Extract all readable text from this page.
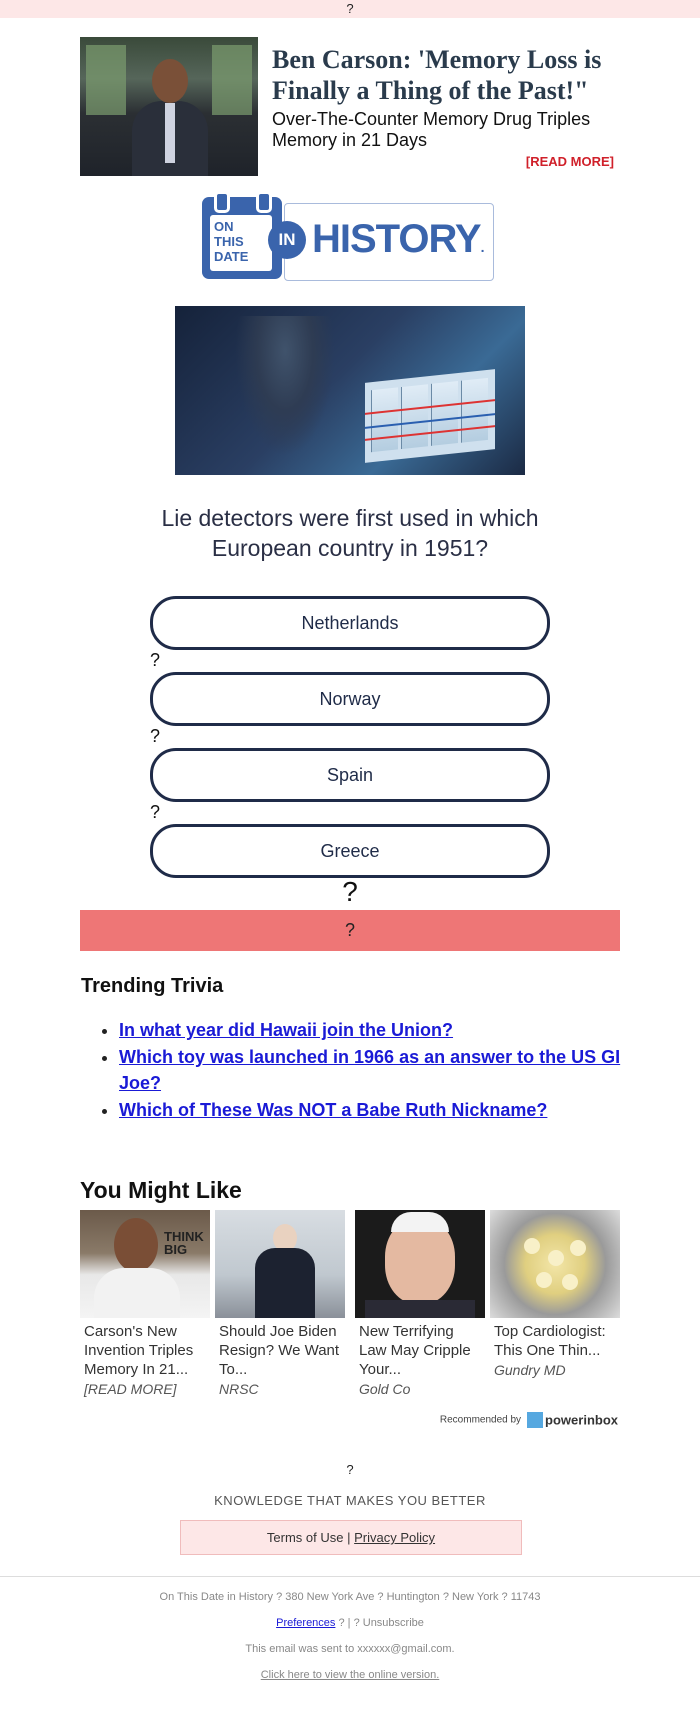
?
Ben Carson: 'Memory Loss is Finally a Thing of the Past!"
Over-The-Counter Memory Drug Triples Memory in 21 Days
[READ MORE]
ON
THIS
DATE
IN HISTORY.
Lie detectors were first used in which European country in 1951?
Netherlands
?
Norway
?
Spain
?
Greece
?
?
Trending Trivia
• In what year did Hawaii join the Union?
• Which toy was launched in 1966 as an answer to the US GI Joe?
• Which of These Was NOT a Babe Ruth Nickname?
You Might Like
THINK
BIG
Carson's New Invention Triples Memory In 21...
[READ MORE]
Should Joe Biden Resign? We Want To...
NRSC
New Terrifying Law May Cripple Your...
Gold Co
Top Cardiologist: This One Thin...
Gundry MD
Recommended by powerinbox
?
KNOWLEDGE THAT MAKES YOU BETTER
Terms of Use | Privacy Policy
On This Date in History ? 380 New York Ave ? Huntington ? New York ? 11743
Preferences ? | ? Unsubscribe
This email was sent to xxxxxx@gmail.com.
Click here to view the online version.
